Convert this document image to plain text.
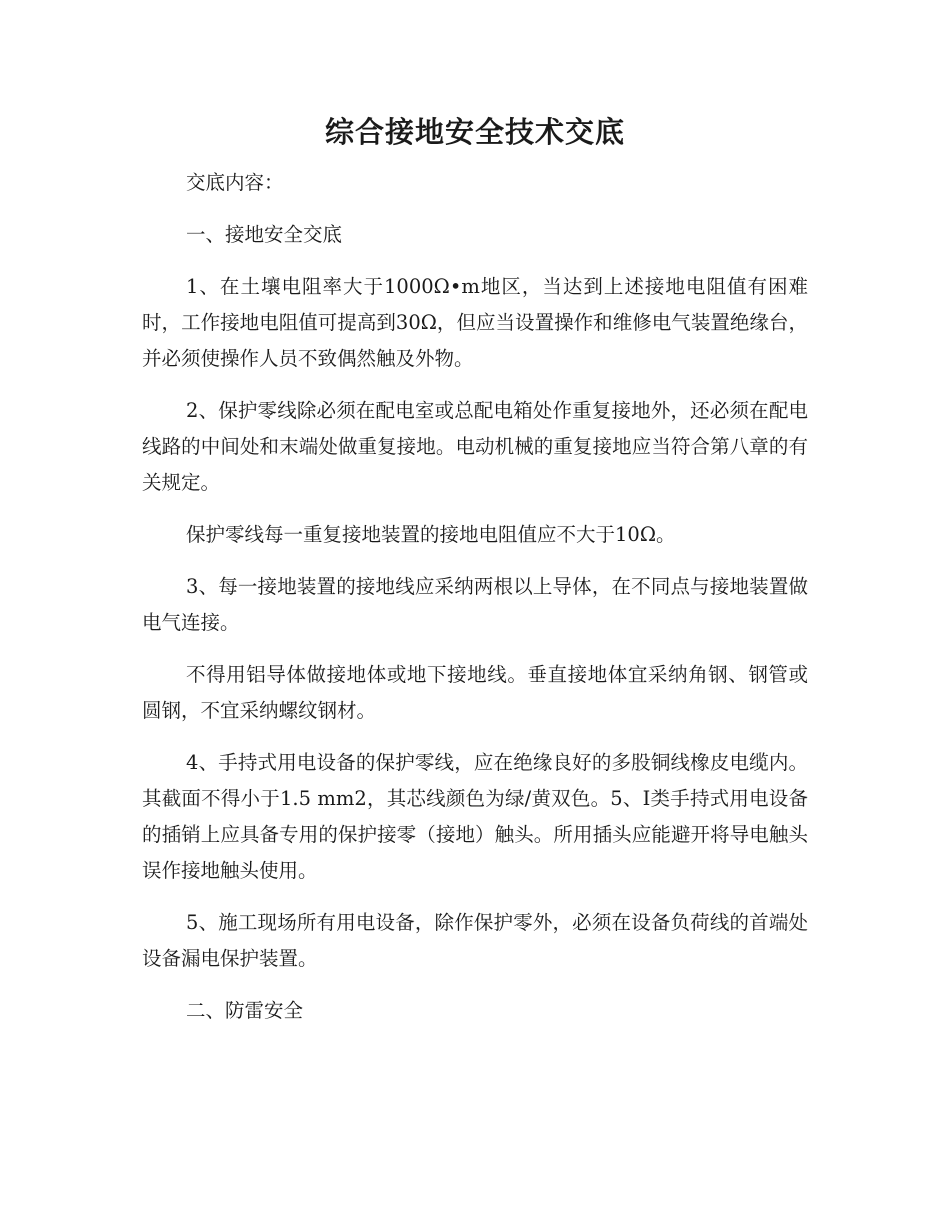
综合接地安全技术交底

交底内容：

一、接地安全交底

1、在土壤电阻率大于1000Ω•m地区，当达到上述接地电阻值有困难时，工作接地电阻值可提高到30Ω，但应当设置操作和维修电气装置绝缘台，并必须使操作人员不致偶然触及外物。

2、保护零线除必须在配电室或总配电箱处作重复接地外，还必须在配电线路的中间处和末端处做重复接地。电动机械的重复接地应当符合第八章的有关规定。

保护零线每一重复接地装置的接地电阻值应不大于10Ω。

3、每一接地装置的接地线应采纳两根以上导体，在不同点与接地装置做电气连接。

不得用铝导体做接地体或地下接地线。垂直接地体宜采纳角钢、钢管或圆钢，不宜采纳螺纹钢材。

4、手持式用电设备的保护零线，应在绝缘良好的多股铜线橡皮电缆内。其截面不得小于1.5 mm2，其芯线颜色为绿/黄双色。5、I类手持式用电设备的插销上应具备专用的保护接零（接地）触头。所用插头应能避开将导电触头误作接地触头使用。

5、施工现场所有用电设备，除作保护零外，必须在设备负荷线的首端处设备漏电保护装置。

二、防雷安全
